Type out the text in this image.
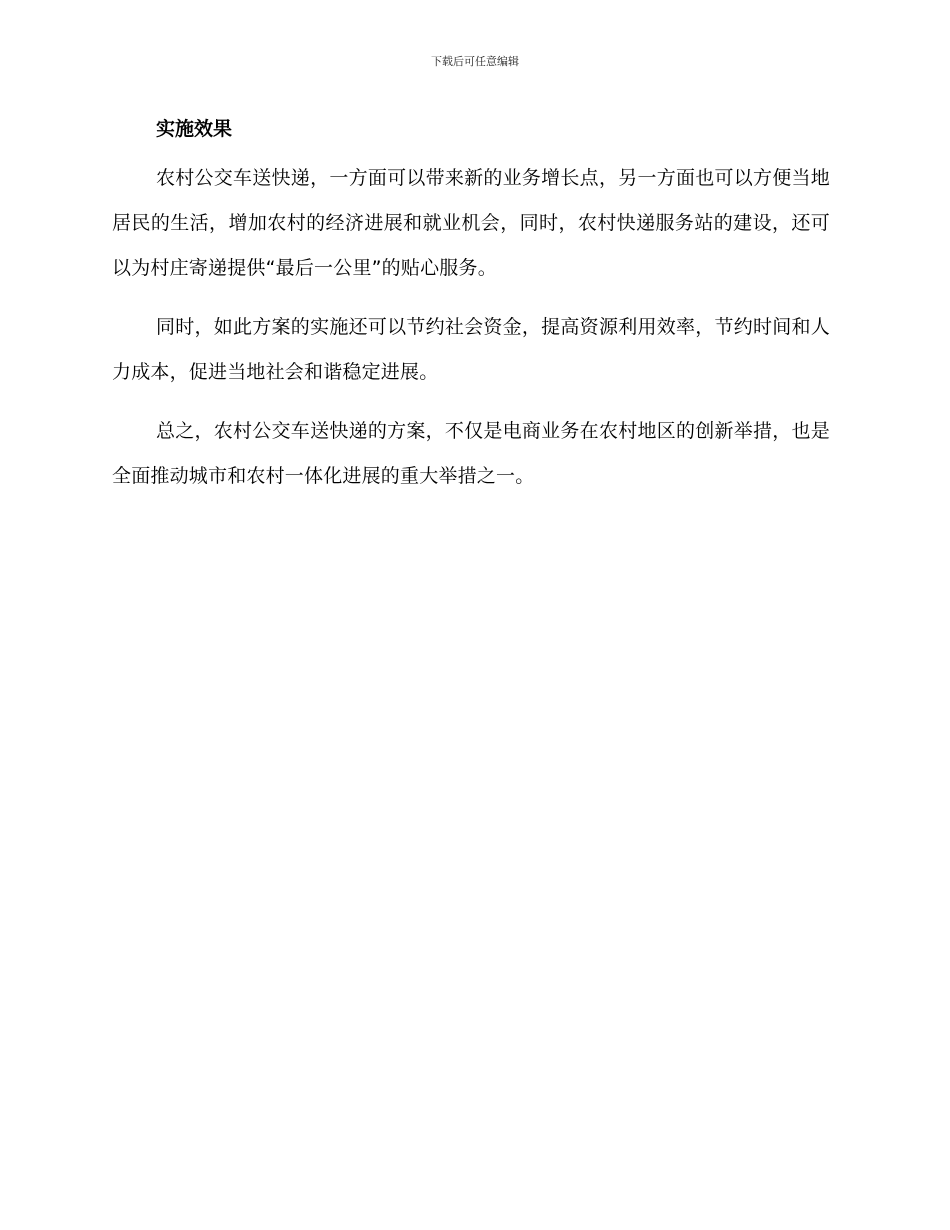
下载后可任意编辑
实施效果

农村公交车送快递，一方面可以带来新的业务增长点，另一方面也可以方便当地居民的生活，增加农村的经济进展和就业机会，同时，农村快递服务站的建设，还可以为村庄寄递提供“最后一公里”的贴心服务。

同时，如此方案的实施还可以节约社会资金，提高资源利用效率，节约时间和人力成本，促进当地社会和谐稳定进展。

总之，农村公交车送快递的方案，不仅是电商业务在农村地区的创新举措，也是全面推动城市和农村一体化进展的重大举措之一。
